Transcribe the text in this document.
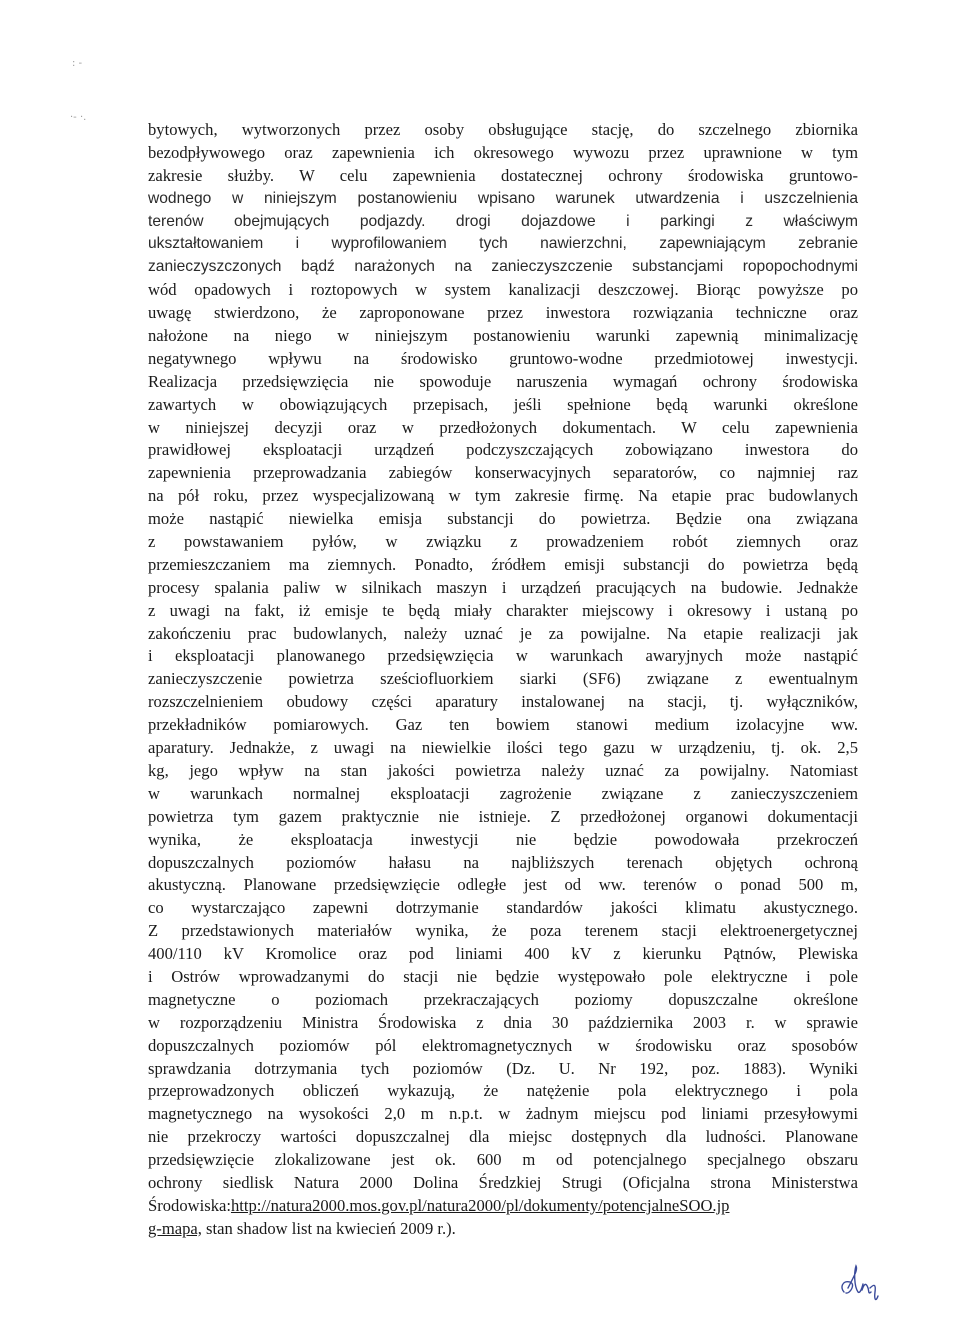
: -
·- ·.
bytowych, wytworzonych przez osoby obsługujące stację, do szczelnego zbiornika
bezodpływowego oraz zapewnienia ich okresowego wywozu przez uprawnione w tym
zakresie służby. W celu zapewnienia dostatecznej ochrony środowiska gruntowo-
wodnego w niniejszym postanowieniu wpisano warunek utwardzenia i uszczelnienia
terenów obejmujących podjazdy. drogi dojazdowe i parkingi z właściwym
ukształtowaniem i wyprofilowaniem tych nawierzchni, zapewniającym zebranie
zanieczyszczonych bądź narażonych na zanieczyszczenie substancjami ropopochodnymi
wód opadowych i roztopowych w system kanalizacji deszczowej. Biorąc powyższe po
uwagę stwierdzono, że zaproponowane przez inwestora rozwiązania techniczne oraz
nałożone na niego w niniejszym postanowieniu warunki zapewnią minimalizację
negatywnego wpływu na środowisko gruntowo-wodne przedmiotowej inwestycji.
Realizacja przedsięwzięcia nie spowoduje naruszenia wymagań ochrony środowiska
zawartych w obowiązujących przepisach, jeśli spełnione będą warunki określone
w niniejszej decyzji oraz w przedłożonych dokumentach. W celu zapewnienia
prawidłowej eksploatacji urządzeń podczyszczających zobowiązano inwestora do
zapewnienia przeprowadzania zabiegów konserwacyjnych separatorów, co najmniej raz
na pół roku, przez wyspecjalizowaną w tym zakresie firmę. Na etapie prac budowlanych
może nastąpić niewielka emisja substancji do powietrza. Będzie ona związana
z powstawaniem pyłów, w związku z prowadzeniem robót ziemnych oraz
przemieszczaniem ma ziemnych. Ponadto, źródłem emisji substancji do powietrza będą
procesy spalania paliw w silnikach maszyn i urządzeń pracujących na budowie. Jednakże
z uwagi na fakt, iż emisje te będą miały charakter miejscowy i okresowy i ustaną po
zakończeniu prac budowlanych, należy uznać je za powijalne. Na etapie realizacji jak
i eksploatacji planowanego przedsięwzięcia w warunkach awaryjnych może nastąpić
zanieczyszczenie powietrza sześciofluorkiem siarki (SF6) związane z ewentualnym
rozszczelnieniem obudowy części aparatury instalowanej na stacji, tj. wyłączników,
przekładników pomiarowych. Gaz ten bowiem stanowi medium izolacyjne ww.
aparatury. Jednakże, z uwagi na niewielkie ilości tego gazu w urządzeniu, tj. ok. 2,5
kg, jego wpływ na stan jakości powietrza należy uznać za powijalny. Natomiast
w warunkach normalnej eksploatacji zagrożenie związane z zanieczyszczeniem
powietrza tym gazem praktycznie nie istnieje. Z przedłożonej organowi dokumentacji
wynika, że eksploatacja inwestycji nie będzie powodowała przekroczeń
dopuszczalnych poziomów hałasu na najbliższych terenach objętych ochroną
akustyczną. Planowane przedsięwzięcie odległe jest od ww. terenów o ponad 500 m,
co wystarczająco zapewni dotrzymanie standardów jakości klimatu akustycznego.
Z przedstawionych materiałów wynika, że poza terenem stacji elektroenergetycznej
400/110 kV Kromolice oraz pod liniami 400 kV z kierunku Pątnów, Plewiska
i Ostrów wprowadzanymi do stacji nie będzie występowało pole elektryczne i pole
magnetyczne o poziomach przekraczających poziomy dopuszczalne określone
w rozporządzeniu Ministra Środowiska z dnia 30 października 2003 r. w sprawie
dopuszczalnych poziomów pól elektromagnetycznych w środowisku oraz sposobów
sprawdzania dotrzymania tych poziomów (Dz. U. Nr 192, poz. 1883). Wyniki
przeprowadzonych obliczeń wykazują, że natężenie pola elektrycznego i pola
magnetycznego na wysokości 2,0 m n.p.t. w żadnym miejscu pod liniami przesyłowymi
nie przekroczy wartości dopuszczalnej dla miejsc dostępnych dla ludności. Planowane
przedsięwzięcie zlokalizowane jest ok. 600 m od potencjalnego specjalnego obszaru
ochrony siedlisk Natura 2000 Dolina Średzkiej Strugi (Oficjalna strona Ministerstwa
Środowiska:http://natura2000.mos.gov.pl/natura2000/pl/dokumenty/potencjalneSOO.jp
g-mapa, stan shadow list na kwiecień 2009 r.).
